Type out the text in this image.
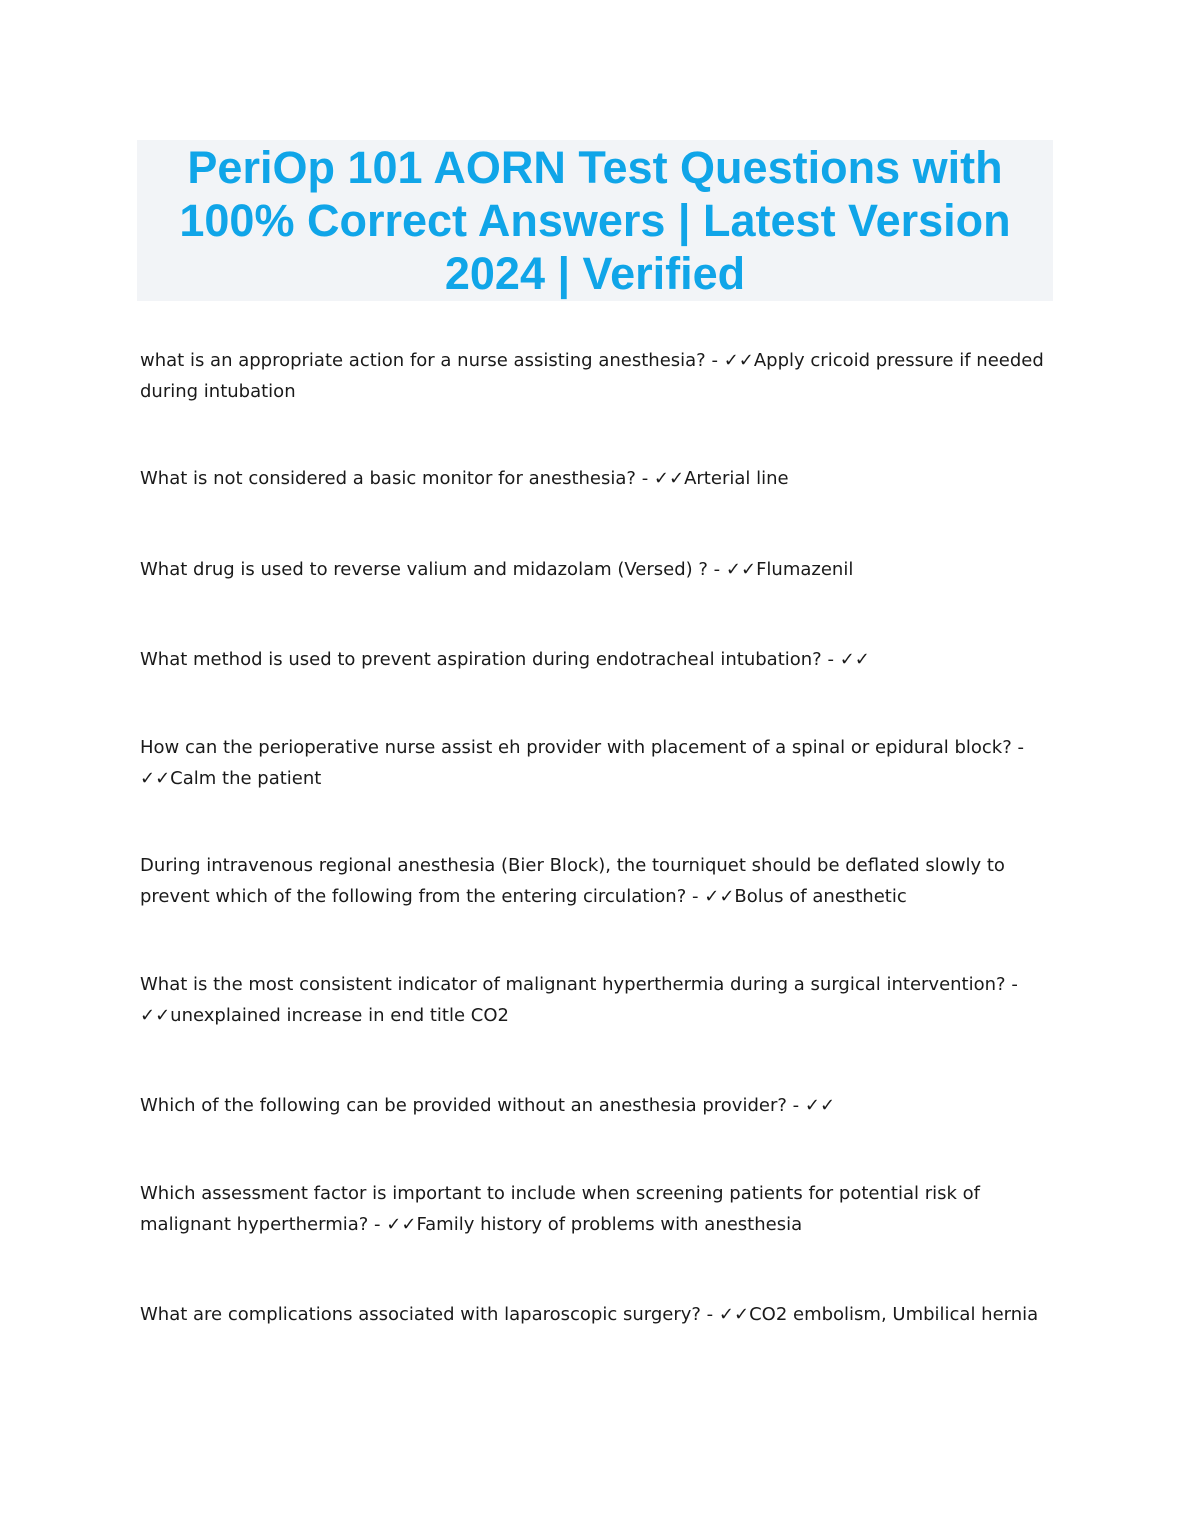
PeriOp 101 AORN Test Questions with 100% Correct Answers | Latest Version 2024 | Verified
what is an appropriate action for a nurse assisting anesthesia? - ✓✓Apply cricoid pressure if needed during intubation
What is not considered a basic monitor for anesthesia? - ✓✓Arterial line
What drug is used to reverse valium and midazolam (Versed) ? - ✓✓Flumazenil
What method is used to prevent aspiration during endotracheal intubation? - ✓✓
How can the perioperative nurse assist eh provider with placement of a spinal or epidural block? - ✓✓Calm the patient
During intravenous regional anesthesia (Bier Block), the tourniquet should be deflated slowly to prevent which of the following from the entering circulation? - ✓✓Bolus of anesthetic
What is the most consistent indicator of malignant hyperthermia during a surgical intervention? - ✓✓unexplained increase in end title CO2
Which of the following can be provided without an anesthesia provider? - ✓✓
Which assessment factor is important to include when screening patients for potential risk of malignant hyperthermia? - ✓✓Family history of problems with anesthesia
What are complications associated with laparoscopic surgery? - ✓✓CO2 embolism, Umbilical hernia
